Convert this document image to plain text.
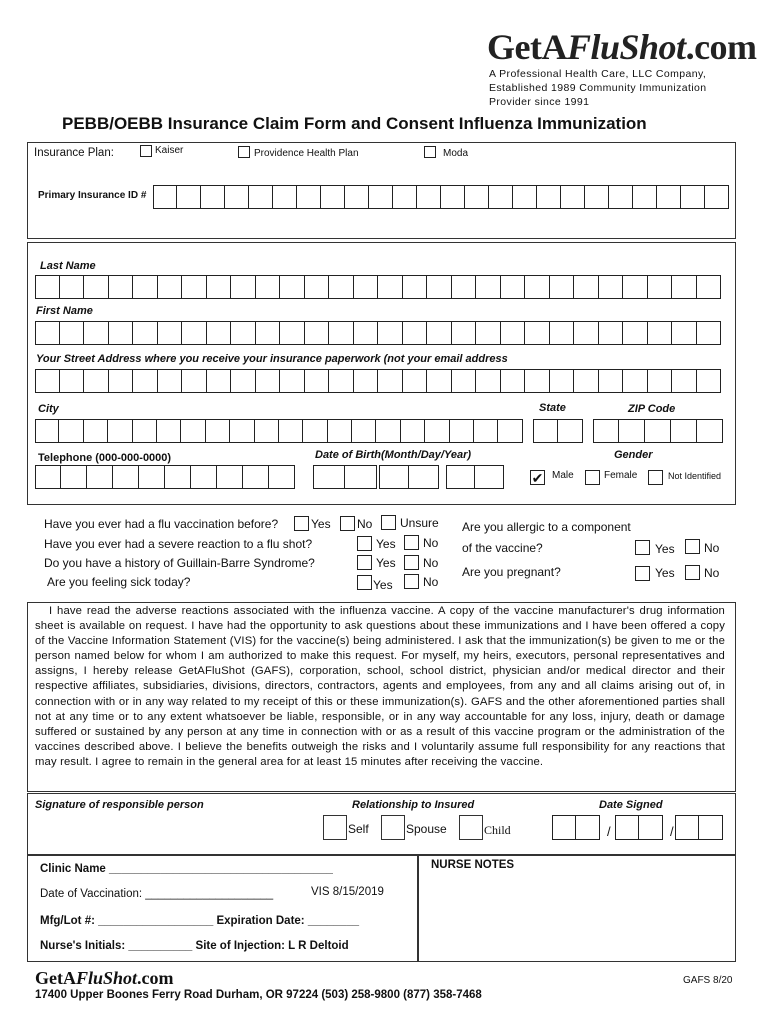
GetAFluShot.com
A Professional Health Care, LLC Company,
Established 1989 Community Immunization
Provider since 1991
PEBB/OEBB Insurance Claim Form and Consent Influenza Immunization
Insurance Plan:	Kaiser	Providence Health Plan	Moda
Primary Insurance ID #
Last Name
First Name
Your Street Address where you receive your insurance paperwork (not your email address
City	State	ZIP Code
Telephone (000-000-0000)	Date of Birth(Month/Day/Year)	Gender
✔ Male	Female	Not Identified
Have you ever had a flu vaccination before?	Yes No Unsure
Have you ever had a severe reaction to a flu shot?	Yes No
Do you have a history of Guillain-Barre Syndrome?	Yes No
Are you feeling sick today?	Yes	No
Are you allergic to a component
of the vaccine?	Yes No
Are you pregnant?	Yes No
I have read the adverse reactions associated with the influenza vaccine. A copy of the vaccine manufacturer's drug information sheet is available on request. I have had the opportunity to ask questions about these immunizations and I have been offered a copy of the Vaccine Information Statement (VIS) for the vaccine(s) being administered. I ask that the immunization(s) be given to me or the person named below for whom I am authorized to make this request. For myself, my heirs, executors, personal representatives and assigns, I hereby release GetAFluShot (GAFS), corporation, school, school district, physician and/or medical director and their respective affiliates, subsidiaries, divisions, directors, contractors, agents and employees, from any and all claims arising out of, in connection with or in any way related to my receipt of this or these immunization(s). GAFS and the other aforementioned parties shall not at any time or to any extent whatsoever be liable, responsible, or in any way accountable for any loss, injury, death or damage suffered or sustained by any person at any time in connection with or as a result of this vaccine program or the administration of the vaccines described above. I believe the benefits outweigh the risks and I voluntarily assume full responsibility for any reactions that may result. I agree to remain in the general area for at least 15 minutes after receiving the vaccine.
Signature of responsible person	Relationship to Insured	Date Signed
Self	Spouse	Child	/	/
Clinic Name ___________________________________	NURSE NOTES
Date of Vaccination: ____________________	VIS 8/15/2019
Mfg/Lot #: __________________ Expiration Date: ________
Nurse's Initials: __________ Site of Injection: L R Deltoid
GetAFluShot.com
17400 Upper Boones Ferry Road Durham, OR 97224 (503) 258-9800 (877) 358-7468
GAFS 8/20
